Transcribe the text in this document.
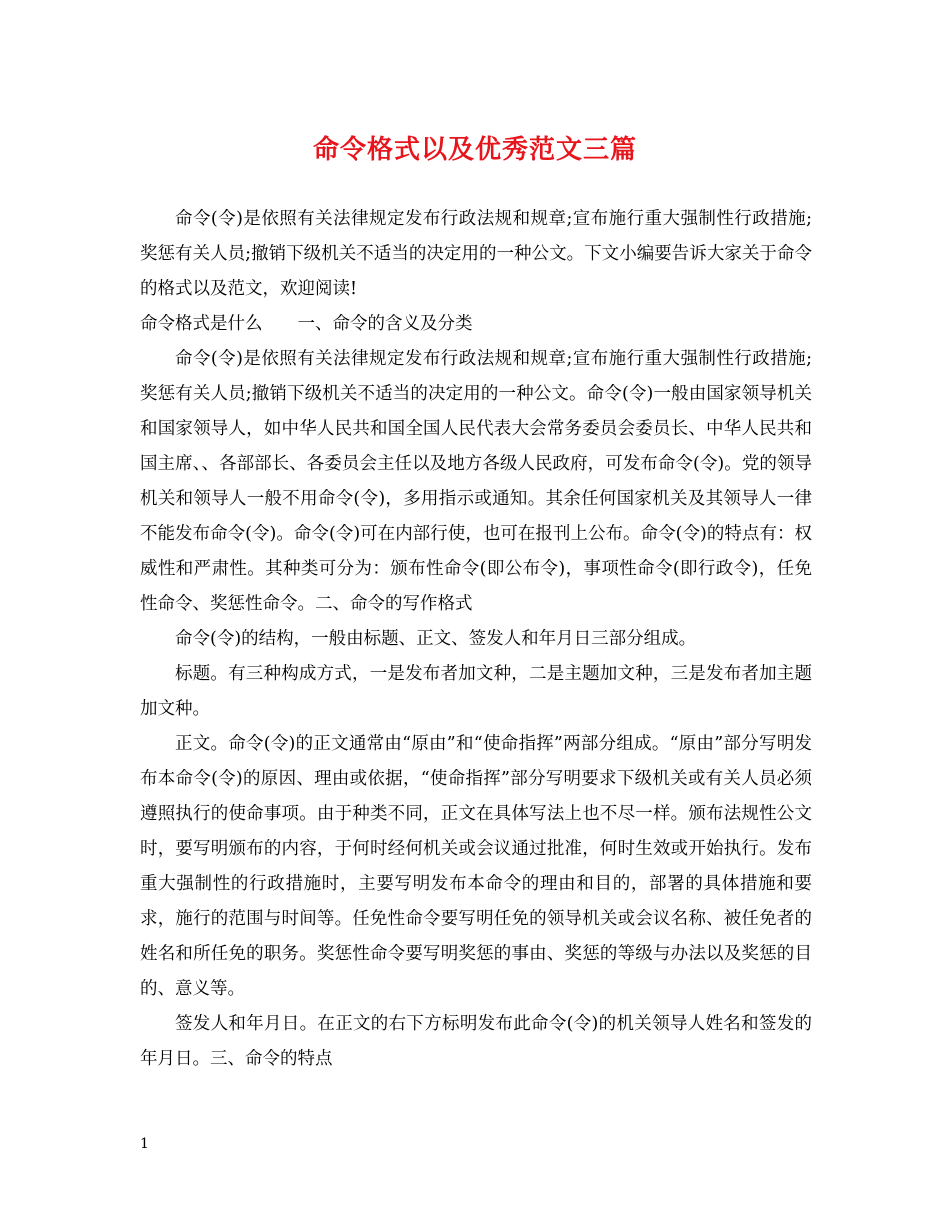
命令格式以及优秀范文三篇

命令(令)是依照有关法律规定发布行政法规和规章;宣布施行重大强制性行政措施;奖惩有关人员;撤销下级机关不适当的决定用的一种公文。下文小编要告诉大家关于命令的格式以及范文，欢迎阅读!

命令格式是什么　　一、命令的含义及分类

命令(令)是依照有关法律规定发布行政法规和规章;宣布施行重大强制性行政措施;奖惩有关人员;撤销下级机关不适当的决定用的一种公文。命令(令)一般由国家领导机关和国家领导人，如中华人民共和国全国人民代表大会常务委员会委员长、中华人民共和国主席、、各部部长、各委员会主任以及地方各级人民政府，可发布命令(令)。党的领导机关和领导人一般不用命令(令)，多用指示或通知。其余任何国家机关及其领导人一律不能发布命令(令)。命令(令)可在内部行使，也可在报刊上公布。命令(令)的特点有：权威性和严肃性。其种类可分为：颁布性命令(即公布令)，事项性命令(即行政令)，任免性命令、奖惩性命令。二、命令的写作格式

命令(令)的结构，一般由标题、正文、签发人和年月日三部分组成。

标题。有三种构成方式，一是发布者加文种，二是主题加文种，三是发布者加主题加文种。

正文。命令(令)的正文通常由“原由”和“使命指挥”两部分组成。“原由”部分写明发布本命令(令)的原因、理由或依据，“使命指挥”部分写明要求下级机关或有关人员必须遵照执行的使命事项。由于种类不同，正文在具体写法上也不尽一样。颁布法规性公文时，要写明颁布的内容，于何时经何机关或会议通过批准，何时生效或开始执行。发布重大强制性的行政措施时，主要写明发布本命令的理由和目的，部署的具体措施和要求，施行的范围与时间等。任免性命令要写明任免的领导机关或会议名称、被任免者的姓名和所任免的职务。奖惩性命令要写明奖惩的事由、奖惩的等级与办法以及奖惩的目的、意义等。

签发人和年月日。在正文的右下方标明发布此命令(令)的机关领导人姓名和签发的年月日。三、命令的特点

1
